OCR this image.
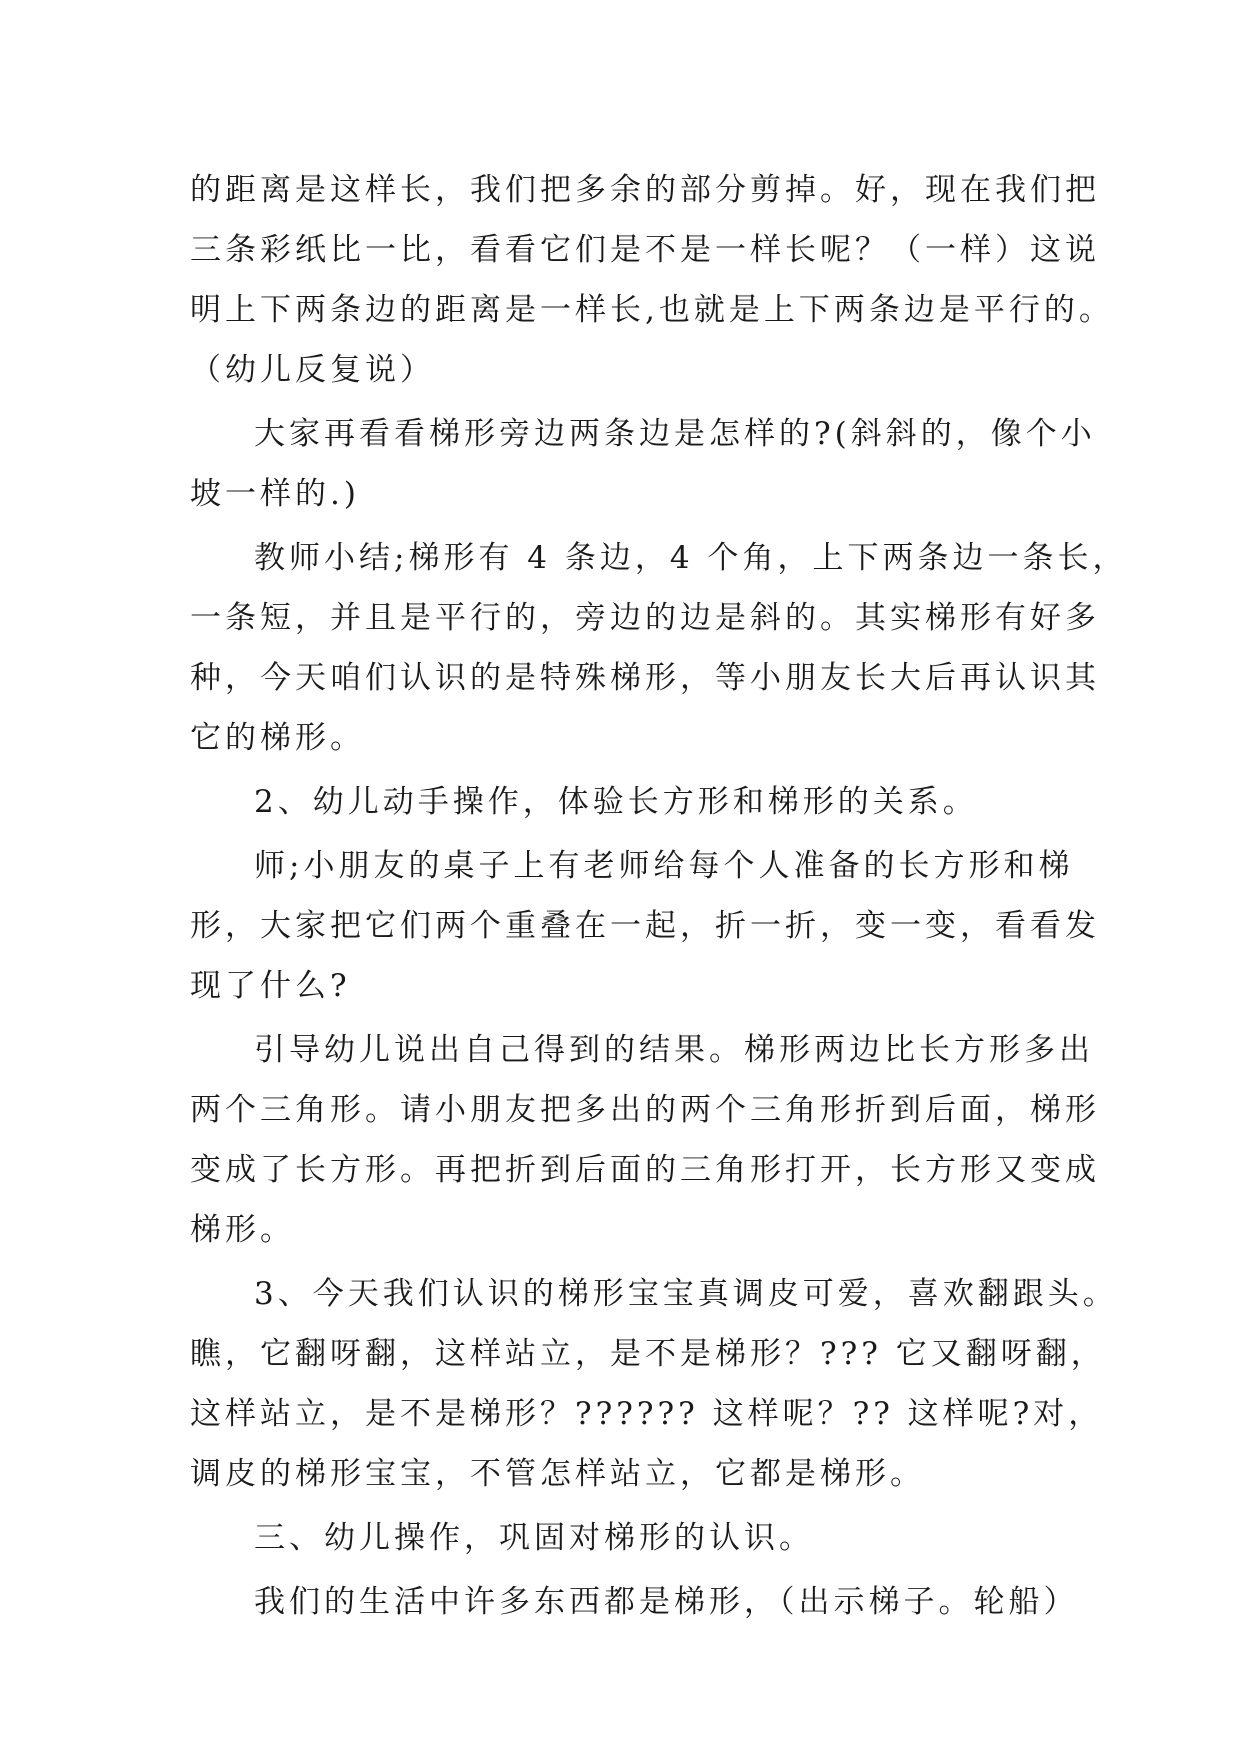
的距离是这样长，我们把多余的部分剪掉。好，现在我们把
三条彩纸比一比，看看它们是不是一样长呢？（一样）这说
明上下两条边的距离是一样长,也就是上下两条边是平行的。
（幼儿反复说）
大家再看看梯形旁边两条边是怎样的?(斜斜的，像个小
坡一样的.)
教师小结;梯形有 4 条边，4 个角，上下两条边一条长，
一条短，并且是平行的，旁边的边是斜的。其实梯形有好多
种，今天咱们认识的是特殊梯形，等小朋友长大后再认识其
它的梯形。
2、幼儿动手操作，体验长方形和梯形的关系。
师;小朋友的桌子上有老师给每个人准备的长方形和梯
形，大家把它们两个重叠在一起，折一折，变一变，看看发
现了什么?
引导幼儿说出自己得到的结果。梯形两边比长方形多出
两个三角形。请小朋友把多出的两个三角形折到后面，梯形
变成了长方形。再把折到后面的三角形打开，长方形又变成
梯形。
3、今天我们认识的梯形宝宝真调皮可爱，喜欢翻跟头。
瞧，它翻呀翻，这样站立，是不是梯形？??? 它又翻呀翻，
这样站立，是不是梯形？?????? 这样呢？?? 这样呢?对，
调皮的梯形宝宝，不管怎样站立，它都是梯形。
三、幼儿操作，巩固对梯形的认识。
我们的生活中许多东西都是梯形，（出示梯子。轮船）
